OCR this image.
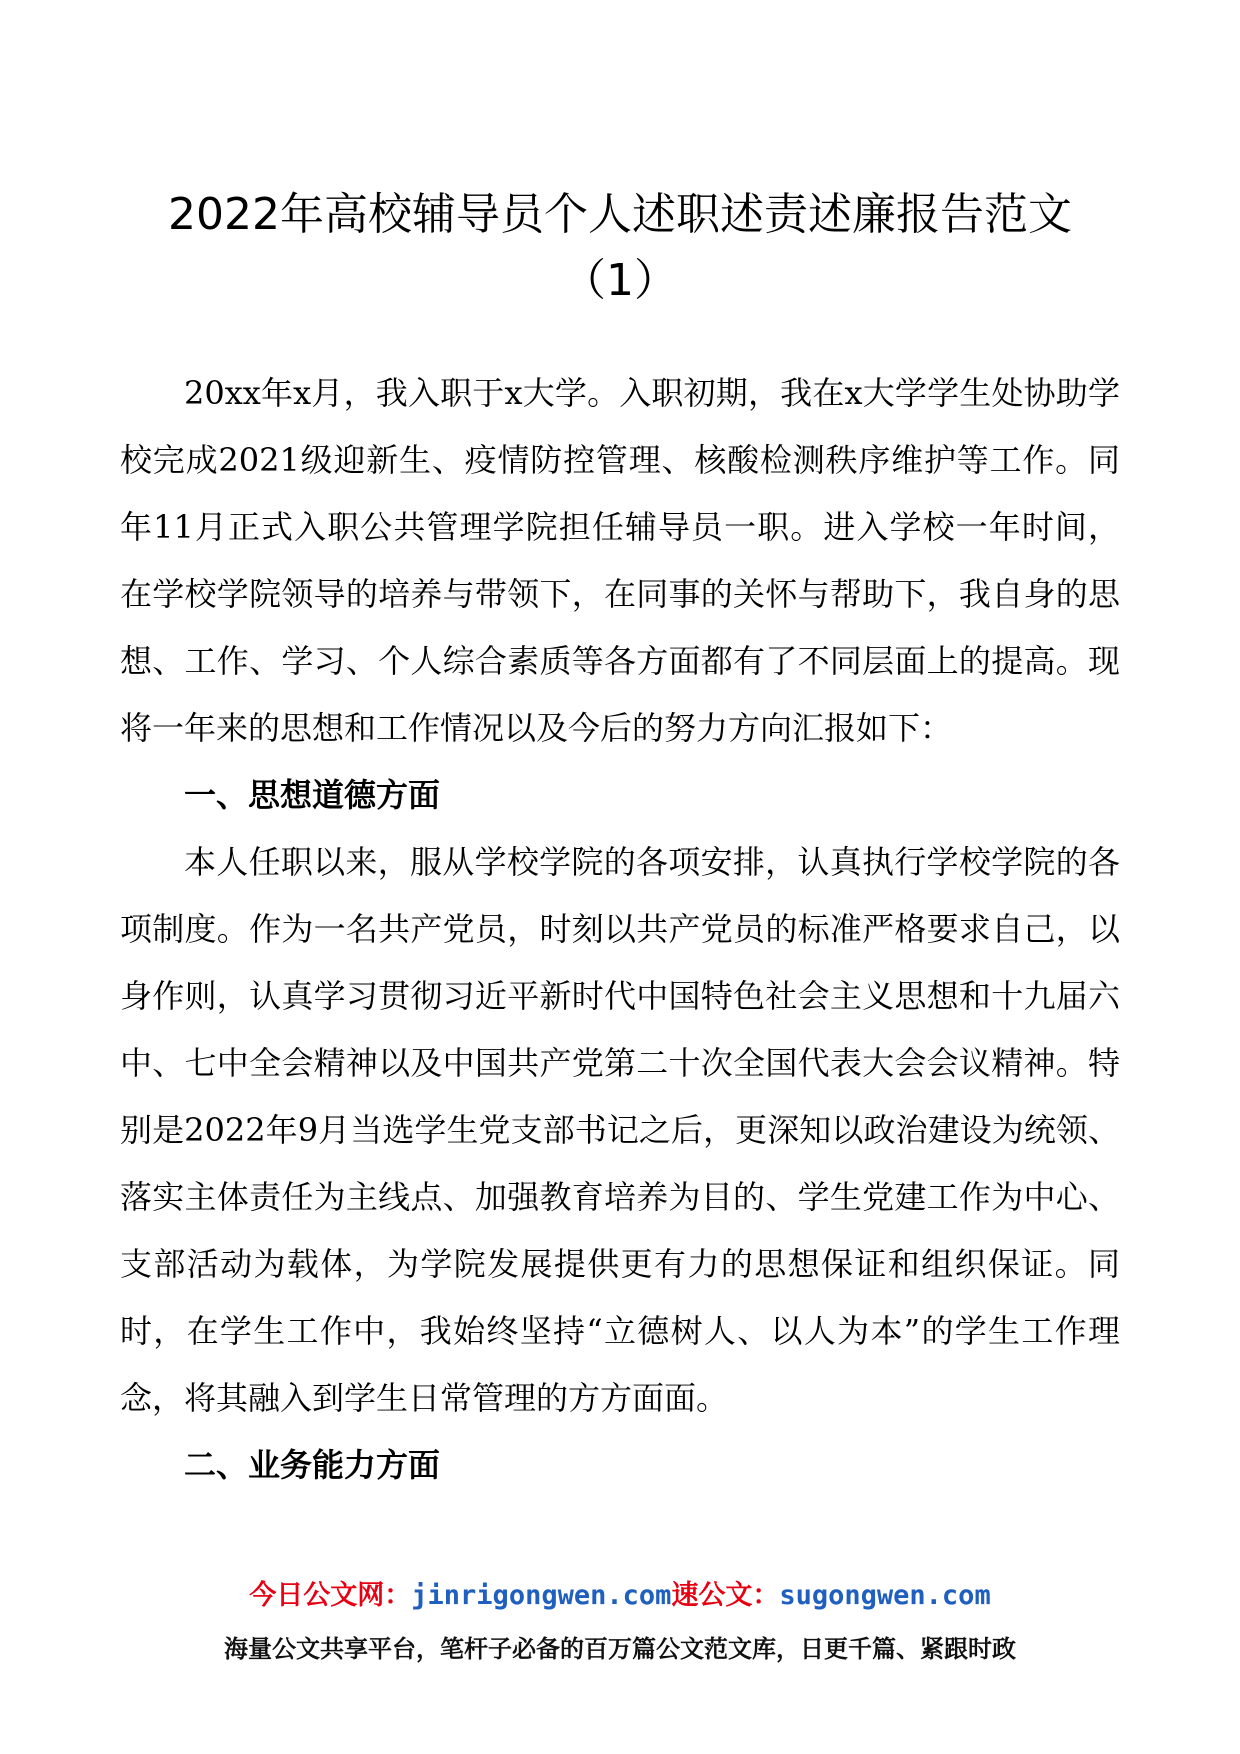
2022年高校辅导员个人述职述责述廉报告范文
（1）

20xx年x月，我入职于x大学。入职初期，我在x大学学生处协助学校完成2021级迎新生、疫情防控管理、核酸检测秩序维护等工作。同年11月正式入职公共管理学院担任辅导员一职。进入学校一年时间，在学校学院领导的培养与带领下，在同事的关怀与帮助下，我自身的思想、工作、学习、个人综合素质等各方面都有了不同层面上的提高。现将一年来的思想和工作情况以及今后的努力方向汇报如下：

一、思想道德方面

本人任职以来，服从学校学院的各项安排，认真执行学校学院的各项制度。作为一名共产党员，时刻以共产党员的标准严格要求自己，以身作则，认真学习贯彻习近平新时代中国特色社会主义思想和十九届六中、七中全会精神以及中国共产党第二十次全国代表大会会议精神。特别是2022年9月当选学生党支部书记之后，更深知以政治建设为统领、落实主体责任为主线点、加强教育培养为目的、学生党建工作为中心、支部活动为载体，为学院发展提供更有力的思想保证和组织保证。同时，在学生工作中，我始终坚持“立德树人、以人为本”的学生工作理念，将其融入到学生日常管理的方方面面。

二、业务能力方面
今日公文网：jinrigongwen.com速公文：sugongwen.com
海量公文共享平台，笔杆子必备的百万篇公文范文库，日更千篇、紧跟时政
